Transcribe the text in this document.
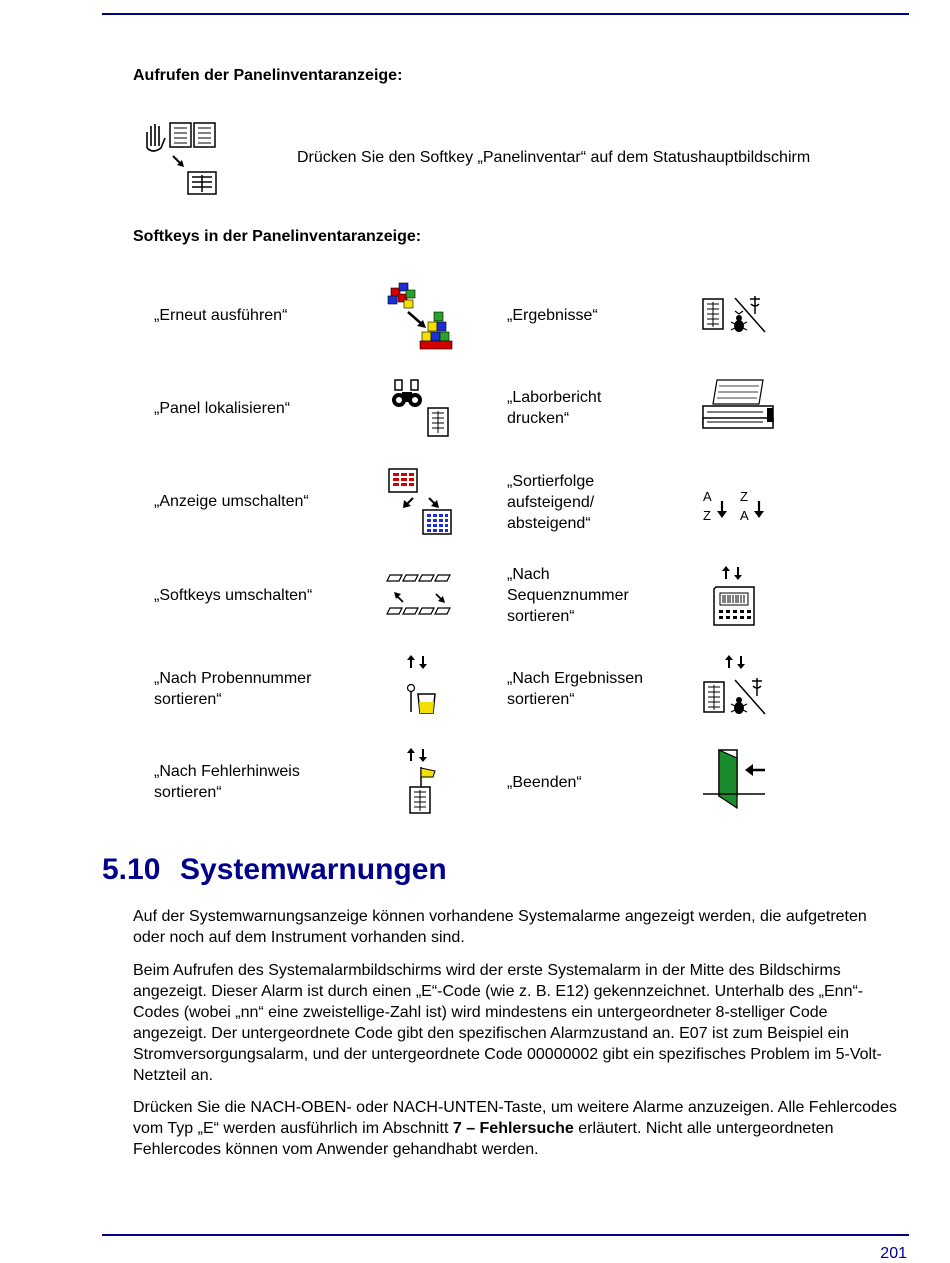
Aufrufen der Panelinventaranzeige:
Drücken Sie den Softkey „Panelinventar“ auf dem Statushauptbildschirm
Softkeys in der Panelinventaranzeige:
„Erneut ausführen“
„Panel lokalisieren“
„Anzeige umschalten“
„Softkeys umschalten“
„Nach Probennummer sortieren“
„Nach Fehlerhinweis sortieren“
„Ergebnisse“
„Laborbericht drucken“
„Sortierfolge aufsteigend/ absteigend“
„Nach Sequenznummer sortieren“
„Nach Ergebnissen sortieren“
„Beenden“
A
Z
Z
A
5.10 Systemwarnungen
Auf der Systemwarnungsanzeige können vorhandene Systemalarme angezeigt werden, die aufgetreten oder noch auf dem Instrument vorhanden sind.
Beim Aufrufen des Systemalarmbildschirms wird der erste Systemalarm in der Mitte des Bildschirms angezeigt. Dieser Alarm ist durch einen „E“-Code (wie z. B. E12) gekennzeichnet. Unterhalb des „Enn“-Codes (wobei „nn“ eine zweistellige-Zahl ist) wird mindestens ein untergeordneter 8-stelliger Code angezeigt. Der untergeordnete Code gibt den spezifischen Alarmzustand an. E07 ist zum Beispiel ein Stromversorgungsalarm, und der untergeordnete Code 00000002 gibt ein spezifisches Problem im 5-Volt-Netzteil an.
Drücken Sie die NACH-OBEN- oder NACH-UNTEN-Taste, um weitere Alarme anzuzeigen. Alle Fehlercodes vom Typ „E“ werden ausführlich im Abschnitt 7 – Fehlersuche erläutert. Nicht alle untergeordneten Fehlercodes können vom Anwender gehandhabt werden.
201
